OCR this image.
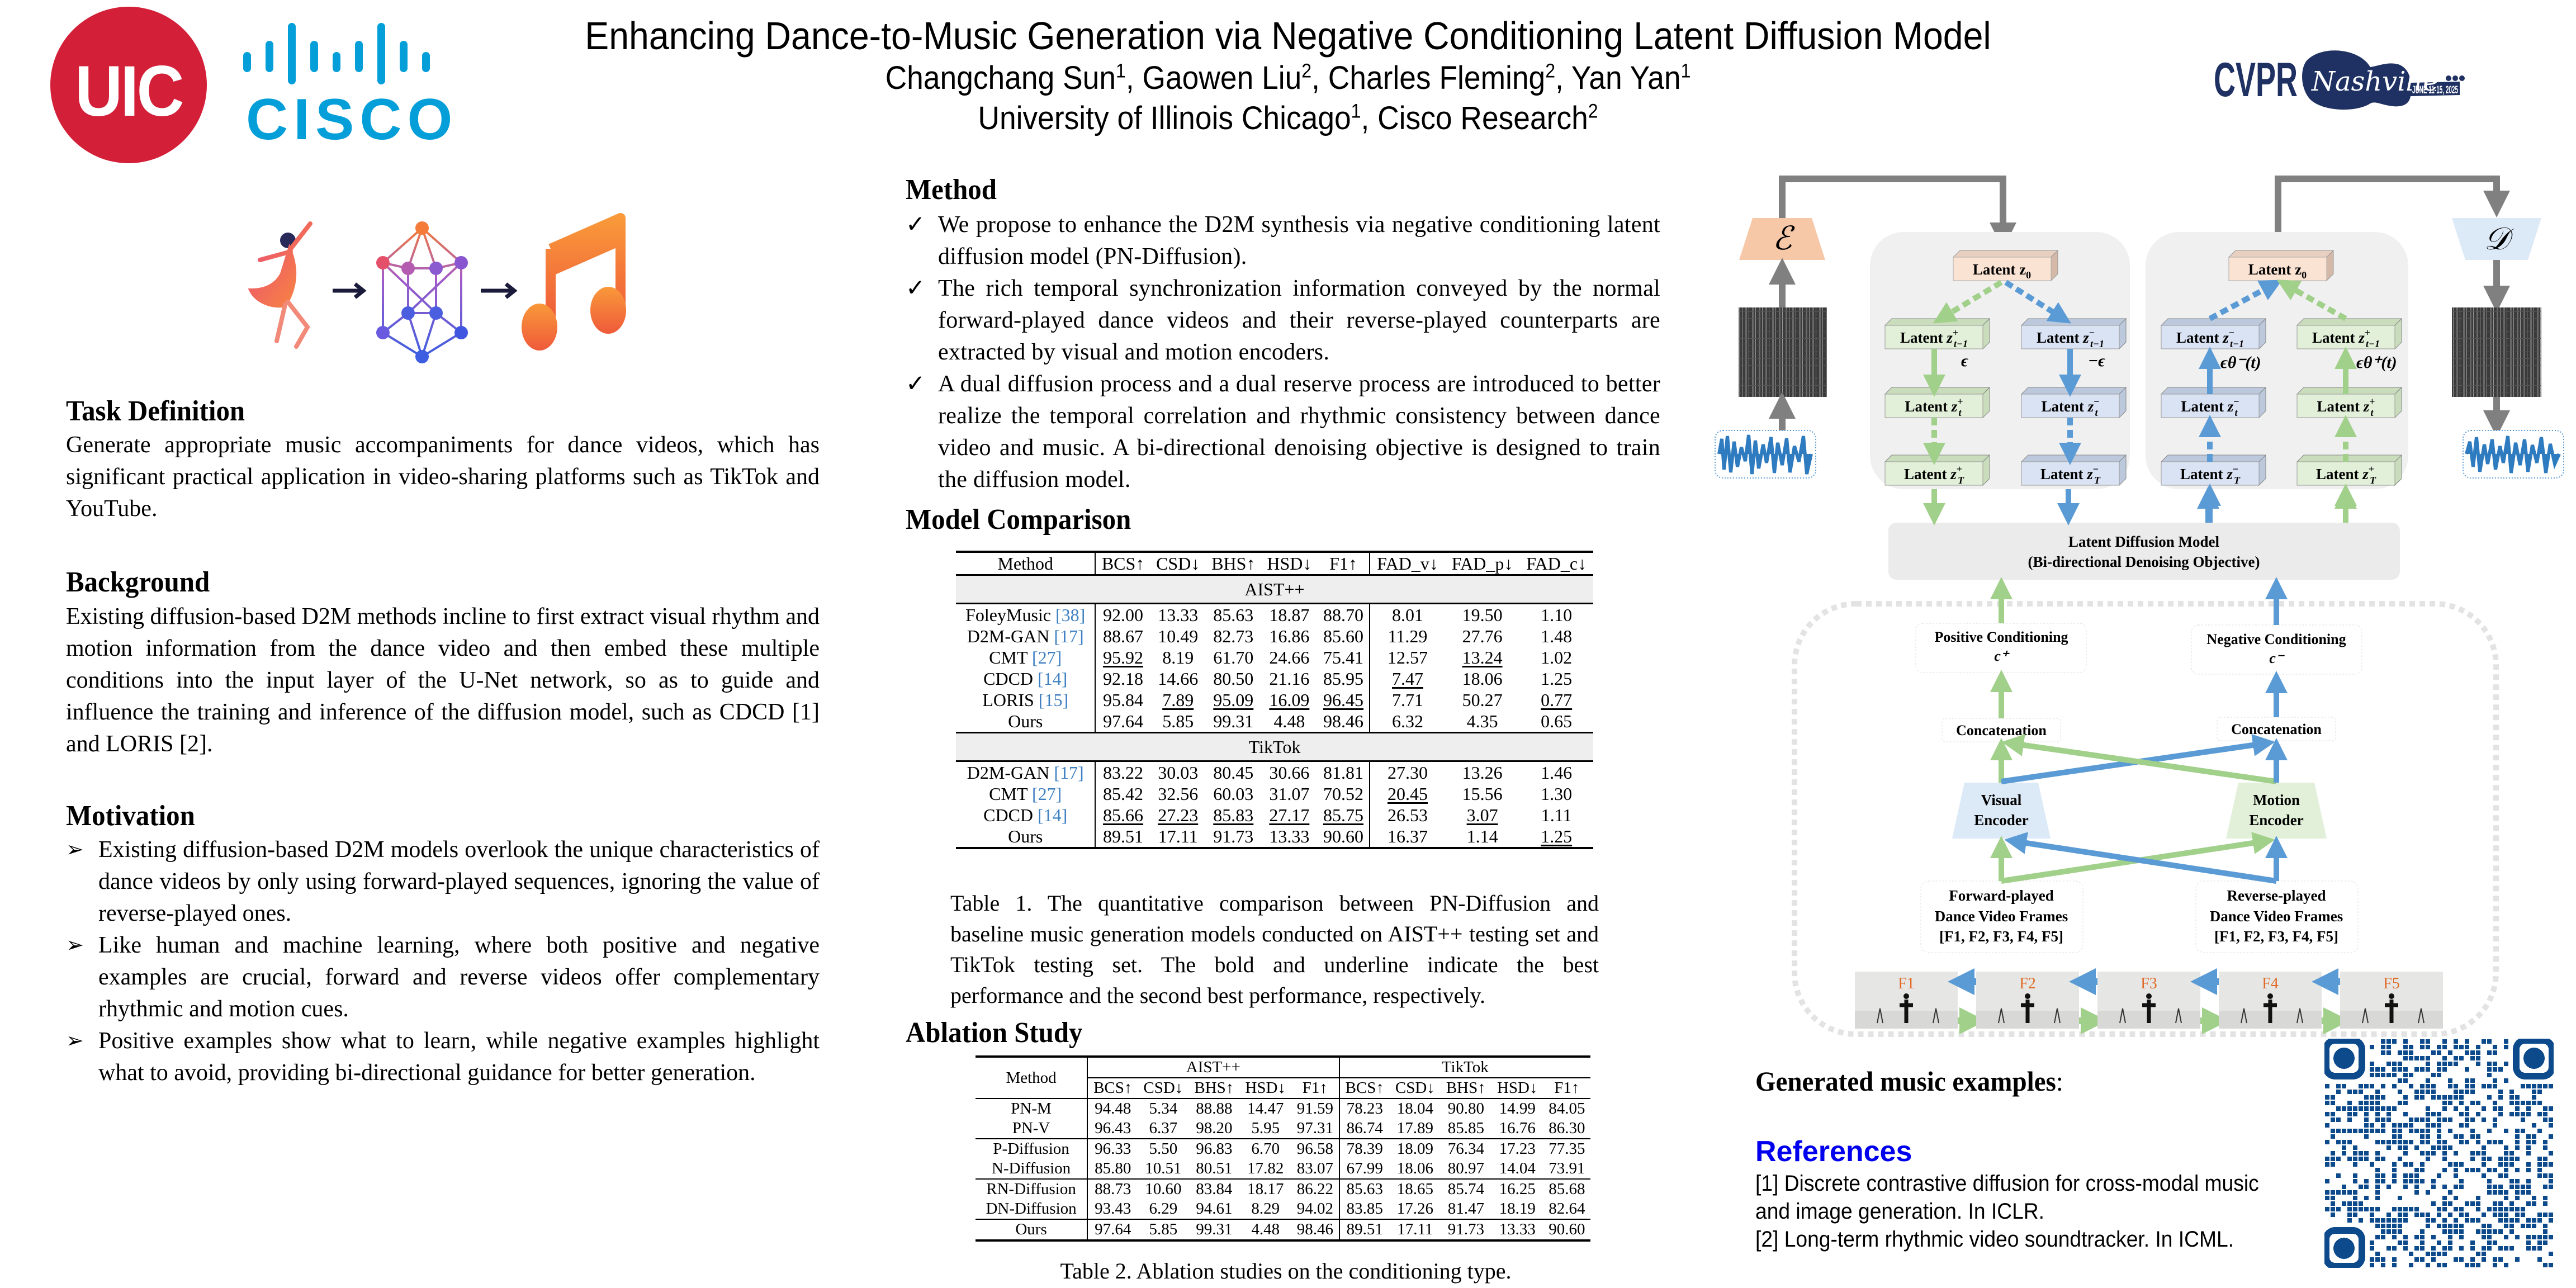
UIC	CISCO
Enhancing Dance-to-Music Generation via Negative Conditioning Latent Diffusion Model
Changchang Sun$^1$, Gaowen Liu$^2$, Charles Fleming$^2$, Yan Yan$^1$
University of Illinois Chicago$^1$, Cisco Research$^2$
CVPR Nashville
JUNE 11-15, 2025
Task Definition
Generate appropriate music accompaniments for dance videos, which has significant practical application in video-sharing platforms such as TikTok and YouTube.
Background
Existing diffusion-based D2M methods incline to first extract visual rhythm and motion information from the dance video and then embed these multiple conditions into the input layer of the U-Net network, so as to guide and influence the training and inference of the diffusion model, such as CDCD [1] and LORIS [2].
Motivation
➢ Existing diffusion-based D2M models overlook the unique characteristics of dance videos by only using forward-played sequences, ignoring the value of reverse-played ones.
➢ Like human and machine learning, where both positive and negative examples are crucial, forward and reverse videos offer complementary rhythmic and motion cues.
➢ Positive examples show what to learn, while negative examples highlight what to avoid, providing bi-directional guidance for better generation.
Method
✓ We propose to enhance the D2M synthesis via negative conditioning latent diffusion model (PN-Diffusion).
✓ The rich temporal synchronization information conveyed by the normal forward-played dance videos and their reverse-played counterparts are extracted by visual and motion encoders.
✓ A dual diffusion process and a dual reserve process are introduced to better realize the temporal correlation and rhythmic consistency between dance video and music. A bi-directional denoising objective is designed to train the diffusion model.
Model Comparison
Method	BCS↑	CSD↓	BHS↑	HSD↓	F1↑	FAD_v↓	FAD_p↓	FAD_c↓
AIST++								
FoleyMusic [38]	92.00	13.33	85.63	18.87	88.70	8.01	19.50	1.10
D2M-GAN [17]	88.67	10.49	82.73	16.86	85.60	11.29	27.76	1.48
CMT [27]	95.92	8.19	61.70	24.66	75.41	12.57	13.24	1.02
CDCD [14]	92.18	14.66	80.50	21.16	85.95	7.47	18.06	1.25
LORIS [15]	95.84	7.89	95.09	16.09	96.45	7.71	50.27	0.77
Ours	97.64	5.85	99.31	4.48	98.46	6.32	4.35	0.65
TikTok								
D2M-GAN [17]	83.22	30.03	80.45	30.66	81.81	27.30	13.26	1.46
CMT [27]	85.42	32.56	60.03	31.07	70.52	20.45	15.56	1.30
CDCD [14]	85.66	27.23	85.83	27.17	85.75	26.53	3.07	1.11
Ours	89.51	17.11	91.73	13.33	90.60	16.37	1.14	1.25
Table 1. The quantitative comparison between PN-Diffusion and baseline music generation models conducted on AIST++ testing set and TikTok testing set. The bold and underline indicate the best performance and the second best performance, respectively.
Ablation Study
Method	AIST++					TikTok				
	BCS↑	CSD↓	BHS↑	HSD↓	F1↑	BCS↑	CSD↓	BHS↑	HSD↓	F1↑
PN-M	94.48	5.34	88.88	14.47	91.59	78.23	18.04	90.80	14.99	84.05
PN-V	96.43	6.37	98.20	5.95	97.31	86.74	17.89	85.85	16.76	86.30
P-Diffusion	96.33	5.50	96.83	6.70	96.58	78.39	18.09	76.34	17.23	77.35
N-Diffusion	85.80	10.51	80.51	17.82	83.07	67.99	18.06	80.97	14.04	73.91
RN-Diffusion	88.73	10.60	83.84	18.17	86.22	85.63	18.65	85.74	16.25	85.68
DN-Diffusion	93.43	6.29	94.61	8.29	94.02	83.85	17.26	81.47	18.19	82.64
Ours	97.64	5.85	99.31	4.48	98.46	89.51	17.11	91.73	13.33	90.60
Table 2. Ablation studies on the conditioning type.
ℰ	𝒟
Latent $z_0$	Latent $z_0$
Latent z+ t−1
Latent z+ t
Latent z+ T
Latent z− t−1
Latent z− t
Latent z− T
Latent z− t−1
Latent z− t
Latent z− T
Latent z+ t−1
Latent z+ t
Latent z+ T
ϵ	−ϵ	ϵθ⁻(t)	ϵθ⁺(t)
Latent Diffusion Model
(Bi-directional Denoising Objective)
Positive Conditioning
c⁺
Negative Conditioning
c⁻
Concatenation	Concatenation
Visual
Encoder
Motion
Encoder
Forward-played
Dance Video Frames
[F1, F2, F3, F4, F5]
Reverse-played
Dance Video Frames
[F1, F2, F3, F4, F5]
F1	F2	F3	F4	F5
Generated music examples:
References
[1] Discrete contrastive diffusion for cross-modal music and image generation. In ICLR.
[2] Long-term rhythmic video soundtracker. In ICML.
